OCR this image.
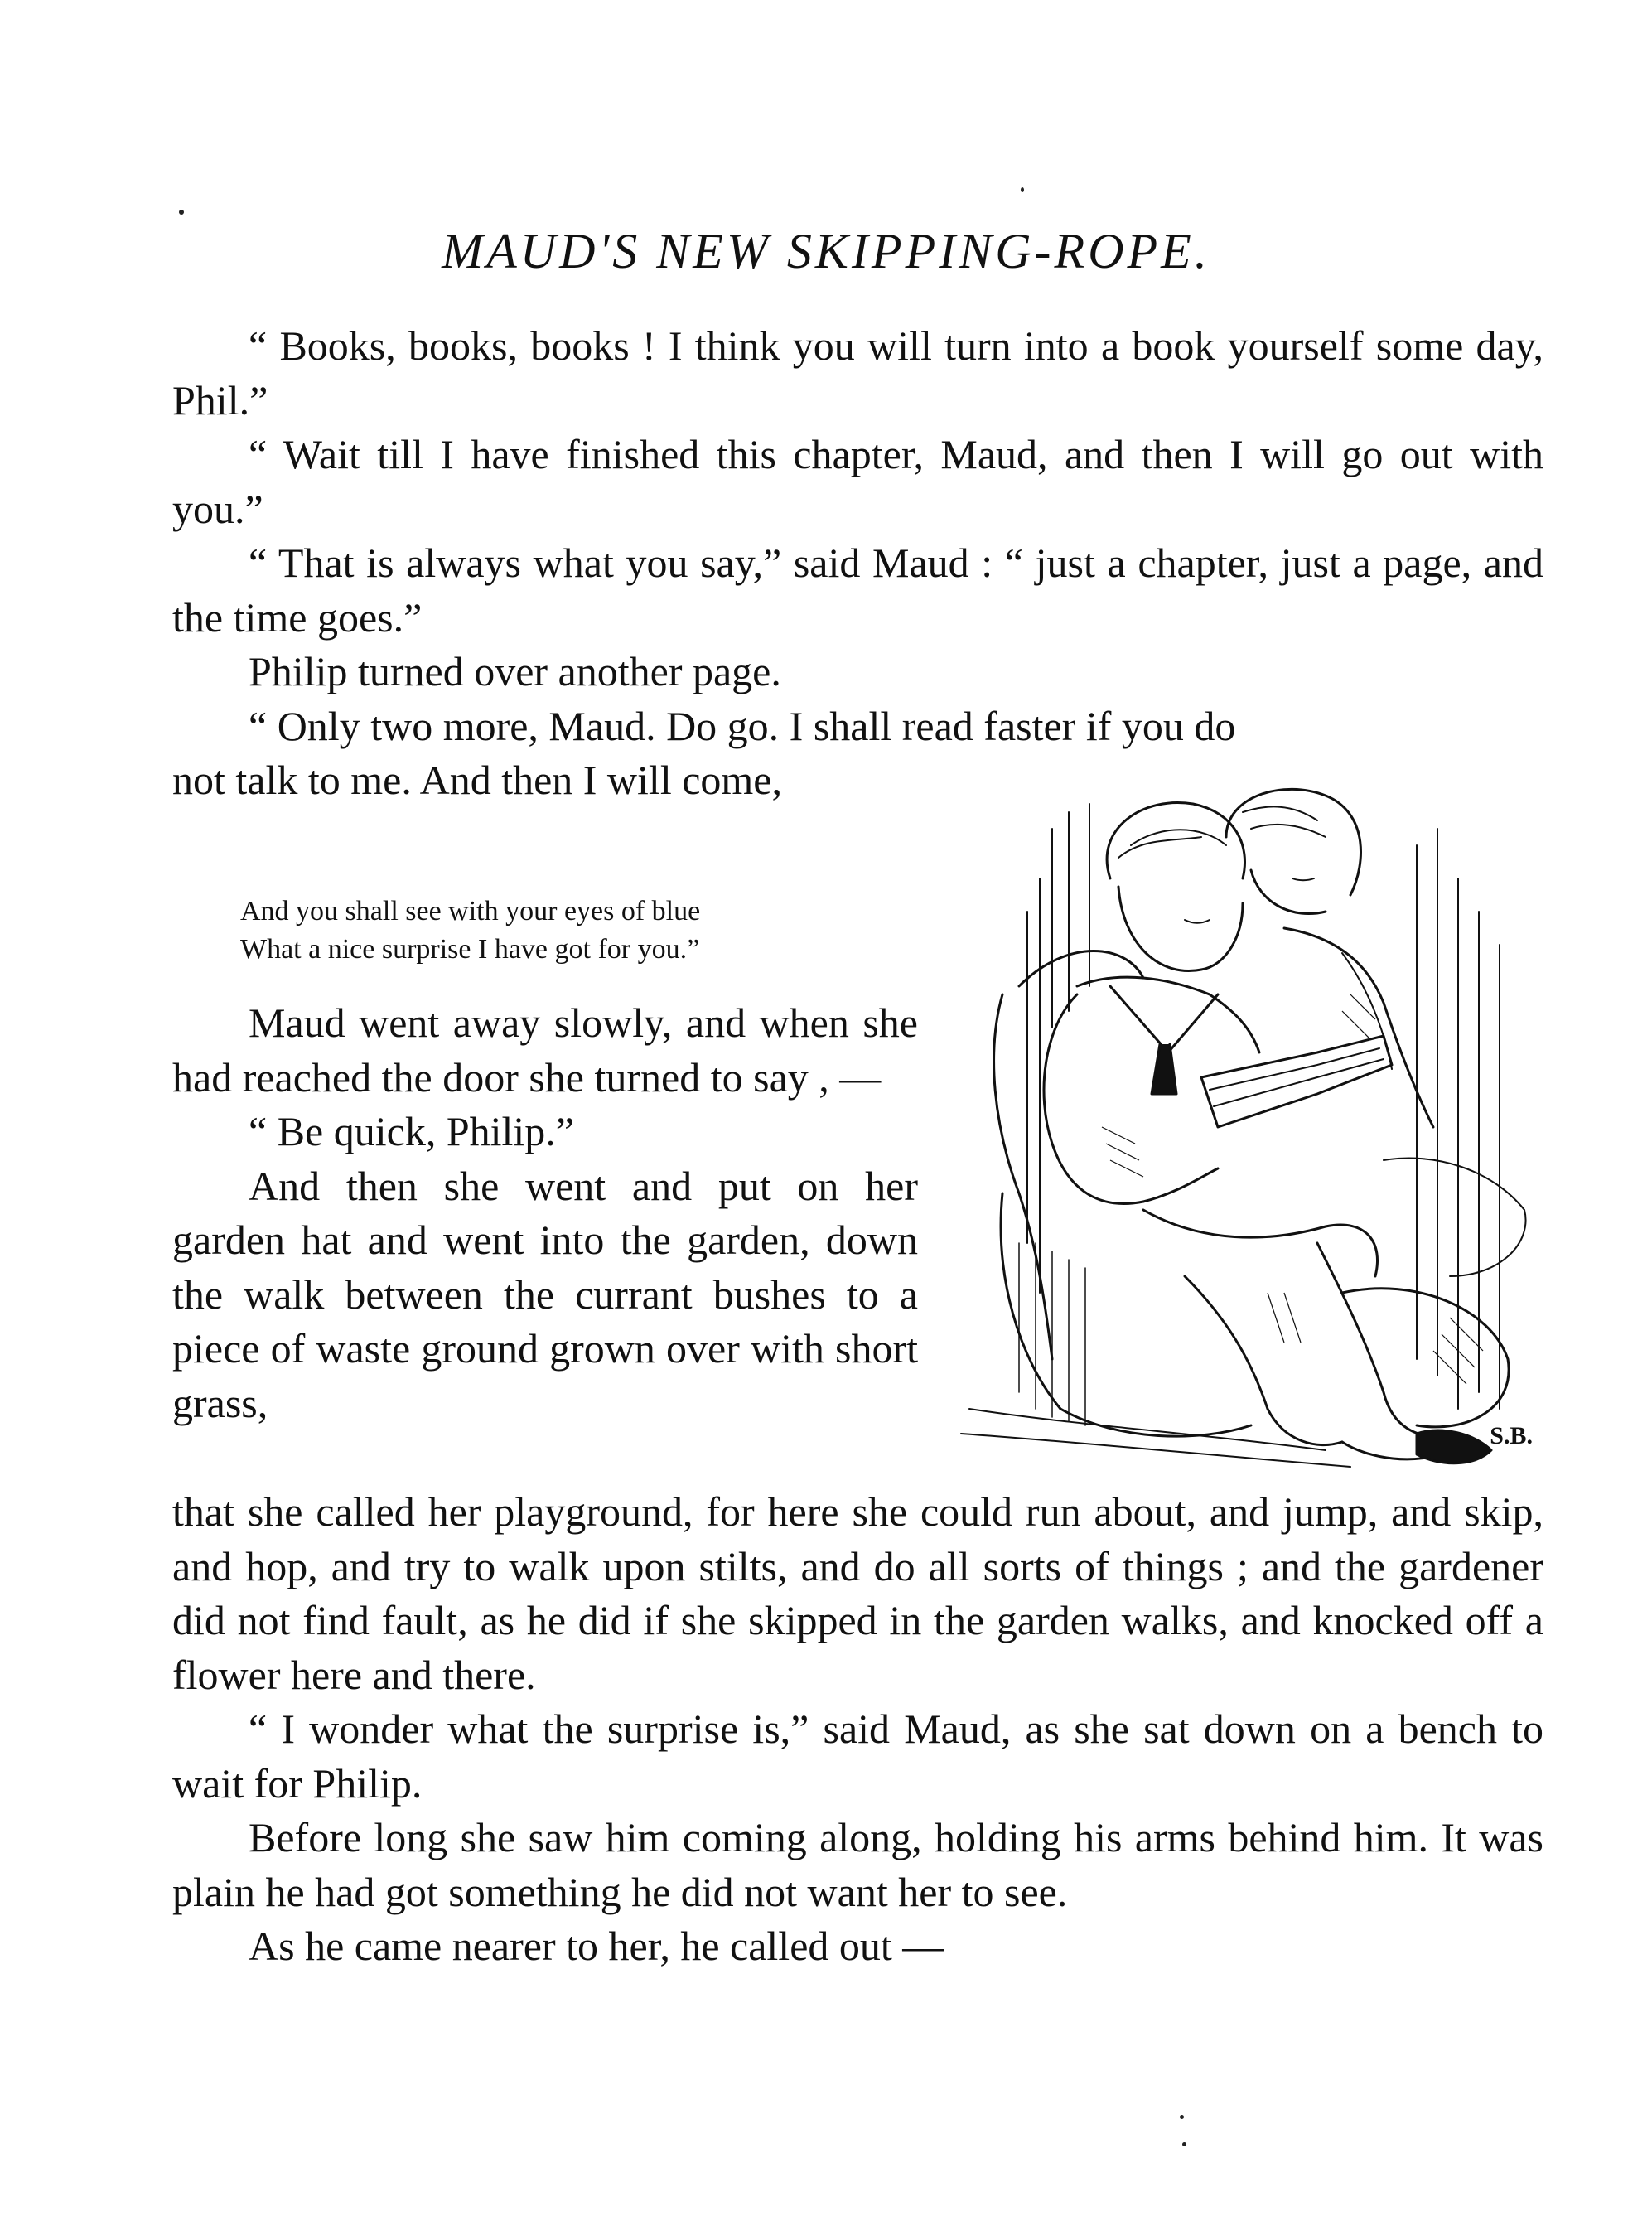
MAUD'S NEW SKIPPING-ROPE.

“ Books, books, books ! I think you will turn into a book yourself some day, Phil.”

“ Wait till I have finished this chapter, Maud, and then I will go out with you.”

“ That is always what you say,” said Maud : “ just a chapter, just a page, and the time goes.”

Philip turned over another page.

“ Only two more, Maud. Do go. I shall read faster if you do

not talk to me. And then I will come,

And you shall see with your eyes of blue
What a nice surprise I have got for you.”

Maud went away slowly, and when she had reached the door she turned to say , —

“ Be quick, Philip.”

And then she went and put on her garden hat and went into the garden, down the walk between the currant bushes to a piece of waste ground grown over with short grass,

that she called her playground, for here she could run about, and jump, and skip, and hop, and try to walk upon stilts, and do all sorts of things ; and the gardener did not find fault, as he did if she skipped in the garden walks, and knocked off a flower here and there.

“ I wonder what the surprise is,” said Maud, as she sat down on a bench to wait for Philip.

Before long she saw him coming along, holding his arms behind him. It was plain he had got something he did not want her to see.

As he came nearer to her, he called out —

S.B.
